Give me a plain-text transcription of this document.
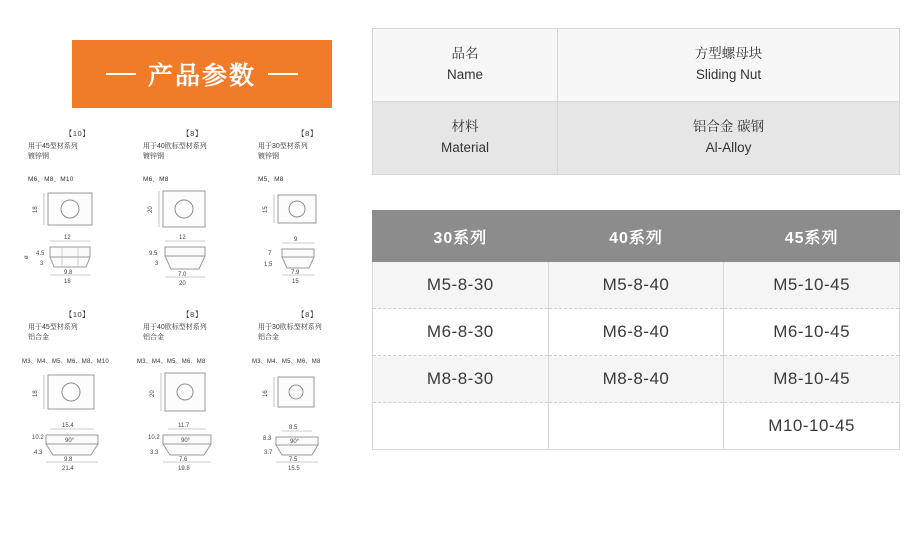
产品参数
【10】
用于45型材系列
镀锌钢
M6、M8、M10
18
12
18
9.8
4.5
3
ø
【8】
用于40欧标型材系列
镀锌钢
M6、M8
20
12
20
7.0
9.5
3
【8】
用于30型材系列
镀锌钢
M5、M8
15
9
15
7.9
7
1.5
【10】
用于45型材系列
铝合金
M3、M4、M5、M6、M8、M10
18
15.4
90°
21.4
9.8
10.2
4.3
【8】
用于40欧标型材系列
铝合金
M3、M4、M5、M6、M8
20
11.7
90°
19.8
7.6
10.2
3.3
【8】
用于30欧标型材系列
铝合金
M3、M4、M5、M6、M8
16
8.5
90°
15.5
7.5
8.3
3.7
品名
Name	方型螺母块
Sliding Nut

材料
Material	铝合金 碳钢
Al-Alloy
30系列	40系列	45系列
M5-8-30	M5-8-40	M5-10-45
M6-8-30	M6-8-40	M6-10-45
M8-8-30	M8-8-40	M8-10-45
		M10-10-45
